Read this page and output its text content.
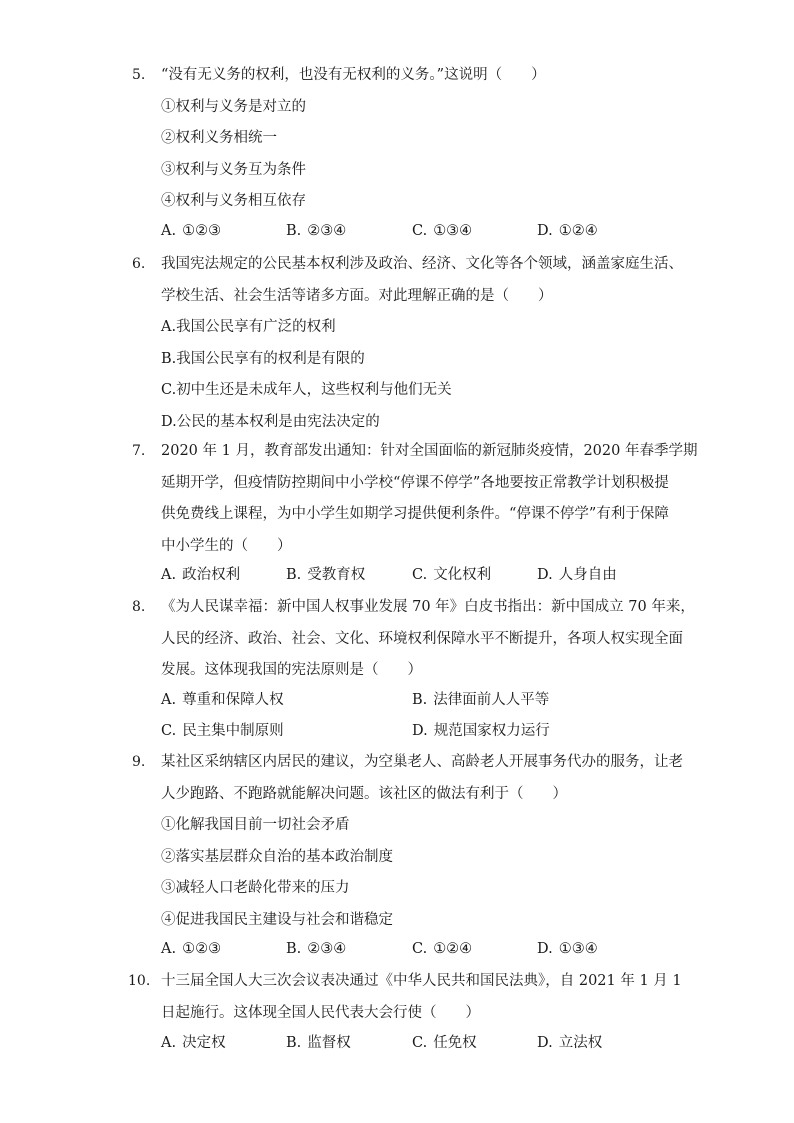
5. “没有无义务的权利，也没有无权利的义务。”这说明（　　）
①权利与义务是对立的
②权利义务相统一
③权利与义务互为条件
④权利与义务相互依存
A. ①②③	B. ②③④	C. ①③④	D. ①②④
6. 我国宪法规定的公民基本权利涉及政治、经济、文化等各个领域，涵盖家庭生活、
学校生活、社会生活等诸多方面。对此理解正确的是（　　）
A.我国公民享有广泛的权利
B.我国公民享有的权利是有限的
C.初中生还是未成年人，这些权利与他们无关
D.公民的基本权利是由宪法决定的
7. 2020 年 1 月，教育部发出通知：针对全国面临的新冠肺炎疫情，2020 年春季学期
延期开学，但疫情防控期间中小学校“停课不停学”各地要按正常教学计划积极提
供免费线上课程，为中小学生如期学习提供便利条件。“停课不停学”有利于保障
中小学生的（　　）
A. 政治权利	B. 受教育权	C. 文化权利	D. 人身自由
8. 《为人民谋幸福：新中国人权事业发展 70 年》白皮书指出：新中国成立 70 年来，
人民的经济、政治、社会、文化、环境权利保障水平不断提升，各项人权实现全面
发展。这体现我国的宪法原则是（　　）
A. 尊重和保障人权	B. 法律面前人人平等
C. 民主集中制原则	D. 规范国家权力运行
9. 某社区采纳辖区内居民的建议，为空巢老人、高龄老人开展事务代办的服务，让老
人少跑路、不跑路就能解决问题。该社区的做法有利于（　　）
①化解我国目前一切社会矛盾
②落实基层群众自治的基本政治制度
③减轻人口老龄化带来的压力
④促进我国民主建设与社会和谐稳定
A. ①②③	B. ②③④	C. ①②④	D. ①③④
10. 十三届全国人大三次会议表决通过《中华人民共和国民法典》，自 2021 年 1 月 1
日起施行。这体现全国人民代表大会行使（　　）
A. 决定权	B. 监督权	C. 任免权	D. 立法权
